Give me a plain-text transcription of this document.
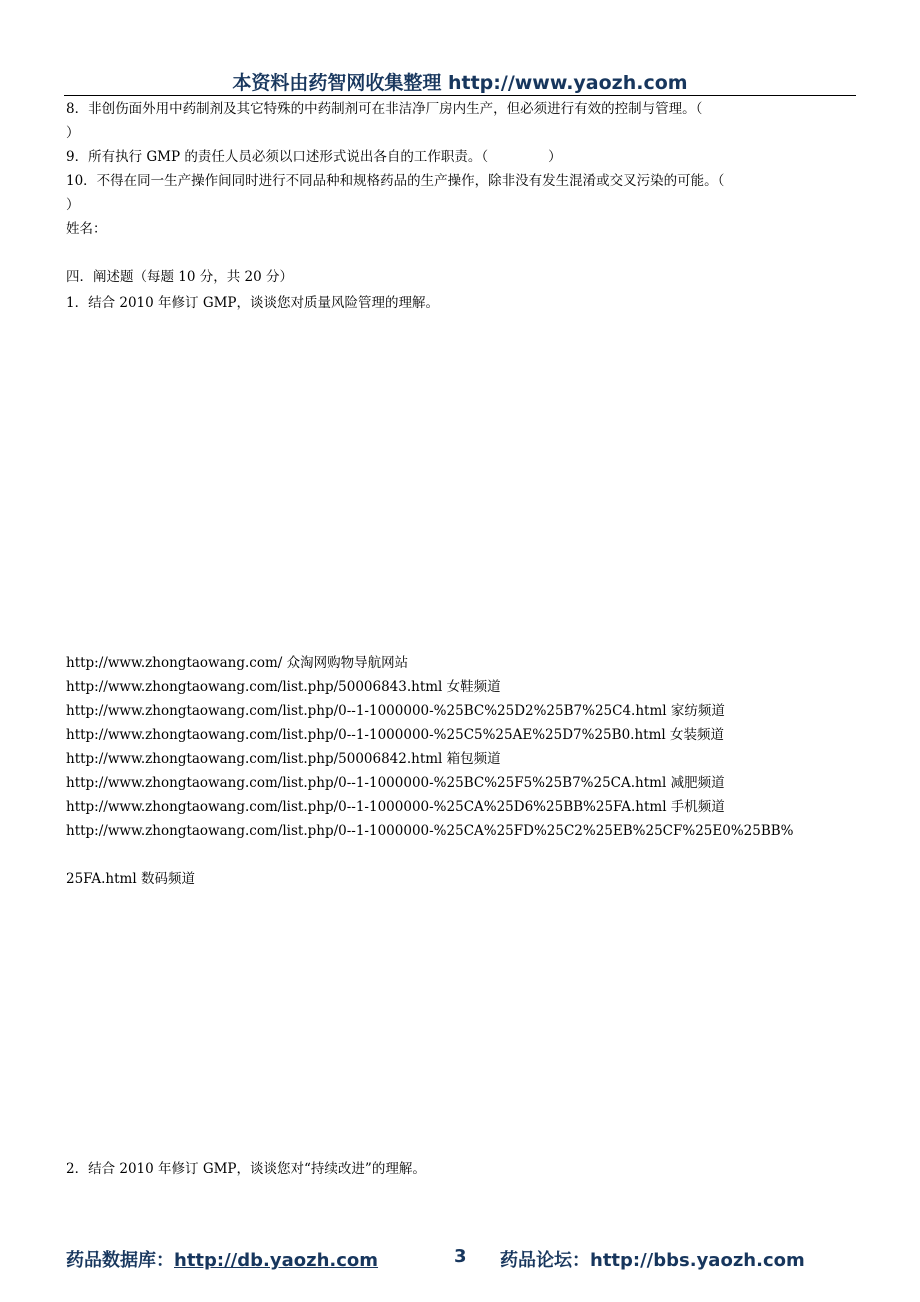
本资料由药智网收集整理 http://www.yaozh.com
8．非创伤面外用中药制剂及其它特殊的中药制剂可在非洁净厂房内生产，但必须进行有效的控制与管理。（
）
9．所有执行 GMP 的责任人员必须以口述形式说出各自的工作职责。（	）
10．不得在同一生产操作间同时进行不同品种和规格药品的生产操作，除非没有发生混淆或交叉污染的可能。（
）
姓名：
四．阐述题（每题 10 分，共 20 分）
1．结合 2010 年修订 GMP，谈谈您对质量风险管理的理解。
http://www.zhongtaowang.com/ 众淘网购物导航网站
http://www.zhongtaowang.com/list.php/50006843.html 女鞋频道
http://www.zhongtaowang.com/list.php/0--1-1000000-%25BC%25D2%25B7%25C4.html 家纺频道
http://www.zhongtaowang.com/list.php/0--1-1000000-%25C5%25AE%25D7%25B0.html 女装频道
http://www.zhongtaowang.com/list.php/50006842.html 箱包频道
http://www.zhongtaowang.com/list.php/0--1-1000000-%25BC%25F5%25B7%25CA.html 减肥频道
http://www.zhongtaowang.com/list.php/0--1-1000000-%25CA%25D6%25BB%25FA.html 手机频道
http://www.zhongtaowang.com/list.php/0--1-1000000-%25CA%25FD%25C2%25EB%25CF%25E0%25BB%
25FA.html 数码频道
2．结合 2010 年修订 GMP，谈谈您对“持续改进”的理解。
药品数据库：http://db.yaozh.com	3 药品论坛：http://bbs.yaozh.com
